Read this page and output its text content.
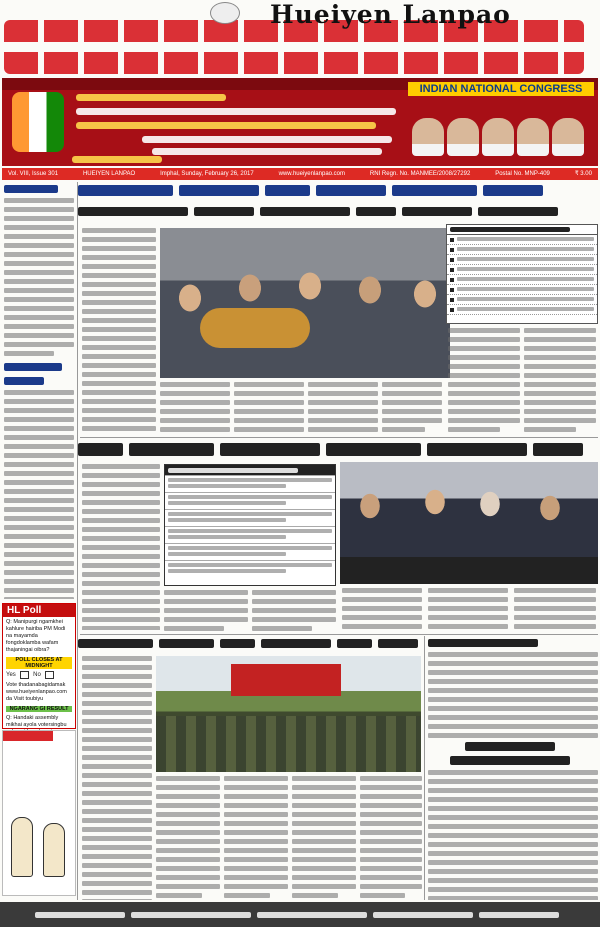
Hueiyen Lanpao
INDIAN NATIONAL CONGRESS
Vol. VIII, Issue 301	HUEIYEN LANPAO	Imphal, Sunday, February 26, 2017	www.hueiyenlanpao.com	RNI Regn. No. MANMEE/2008/27292	Postal No. MNP-409	₹ 3.00
HL Poll
Q: Manipurgi ngamkhei kahlure hairiba PM Modi na mayamda fongdoklamba wafam thajaningai oibra?
POLL CLOSES AT MIDNIGHT
Yes
	No

Vote thadanabagidamak www.hueiyenlanpao.com da Visit toubiyu
NGARANG GI RESULT
Q: Handaki assembly mikhai ayola votersingbu
